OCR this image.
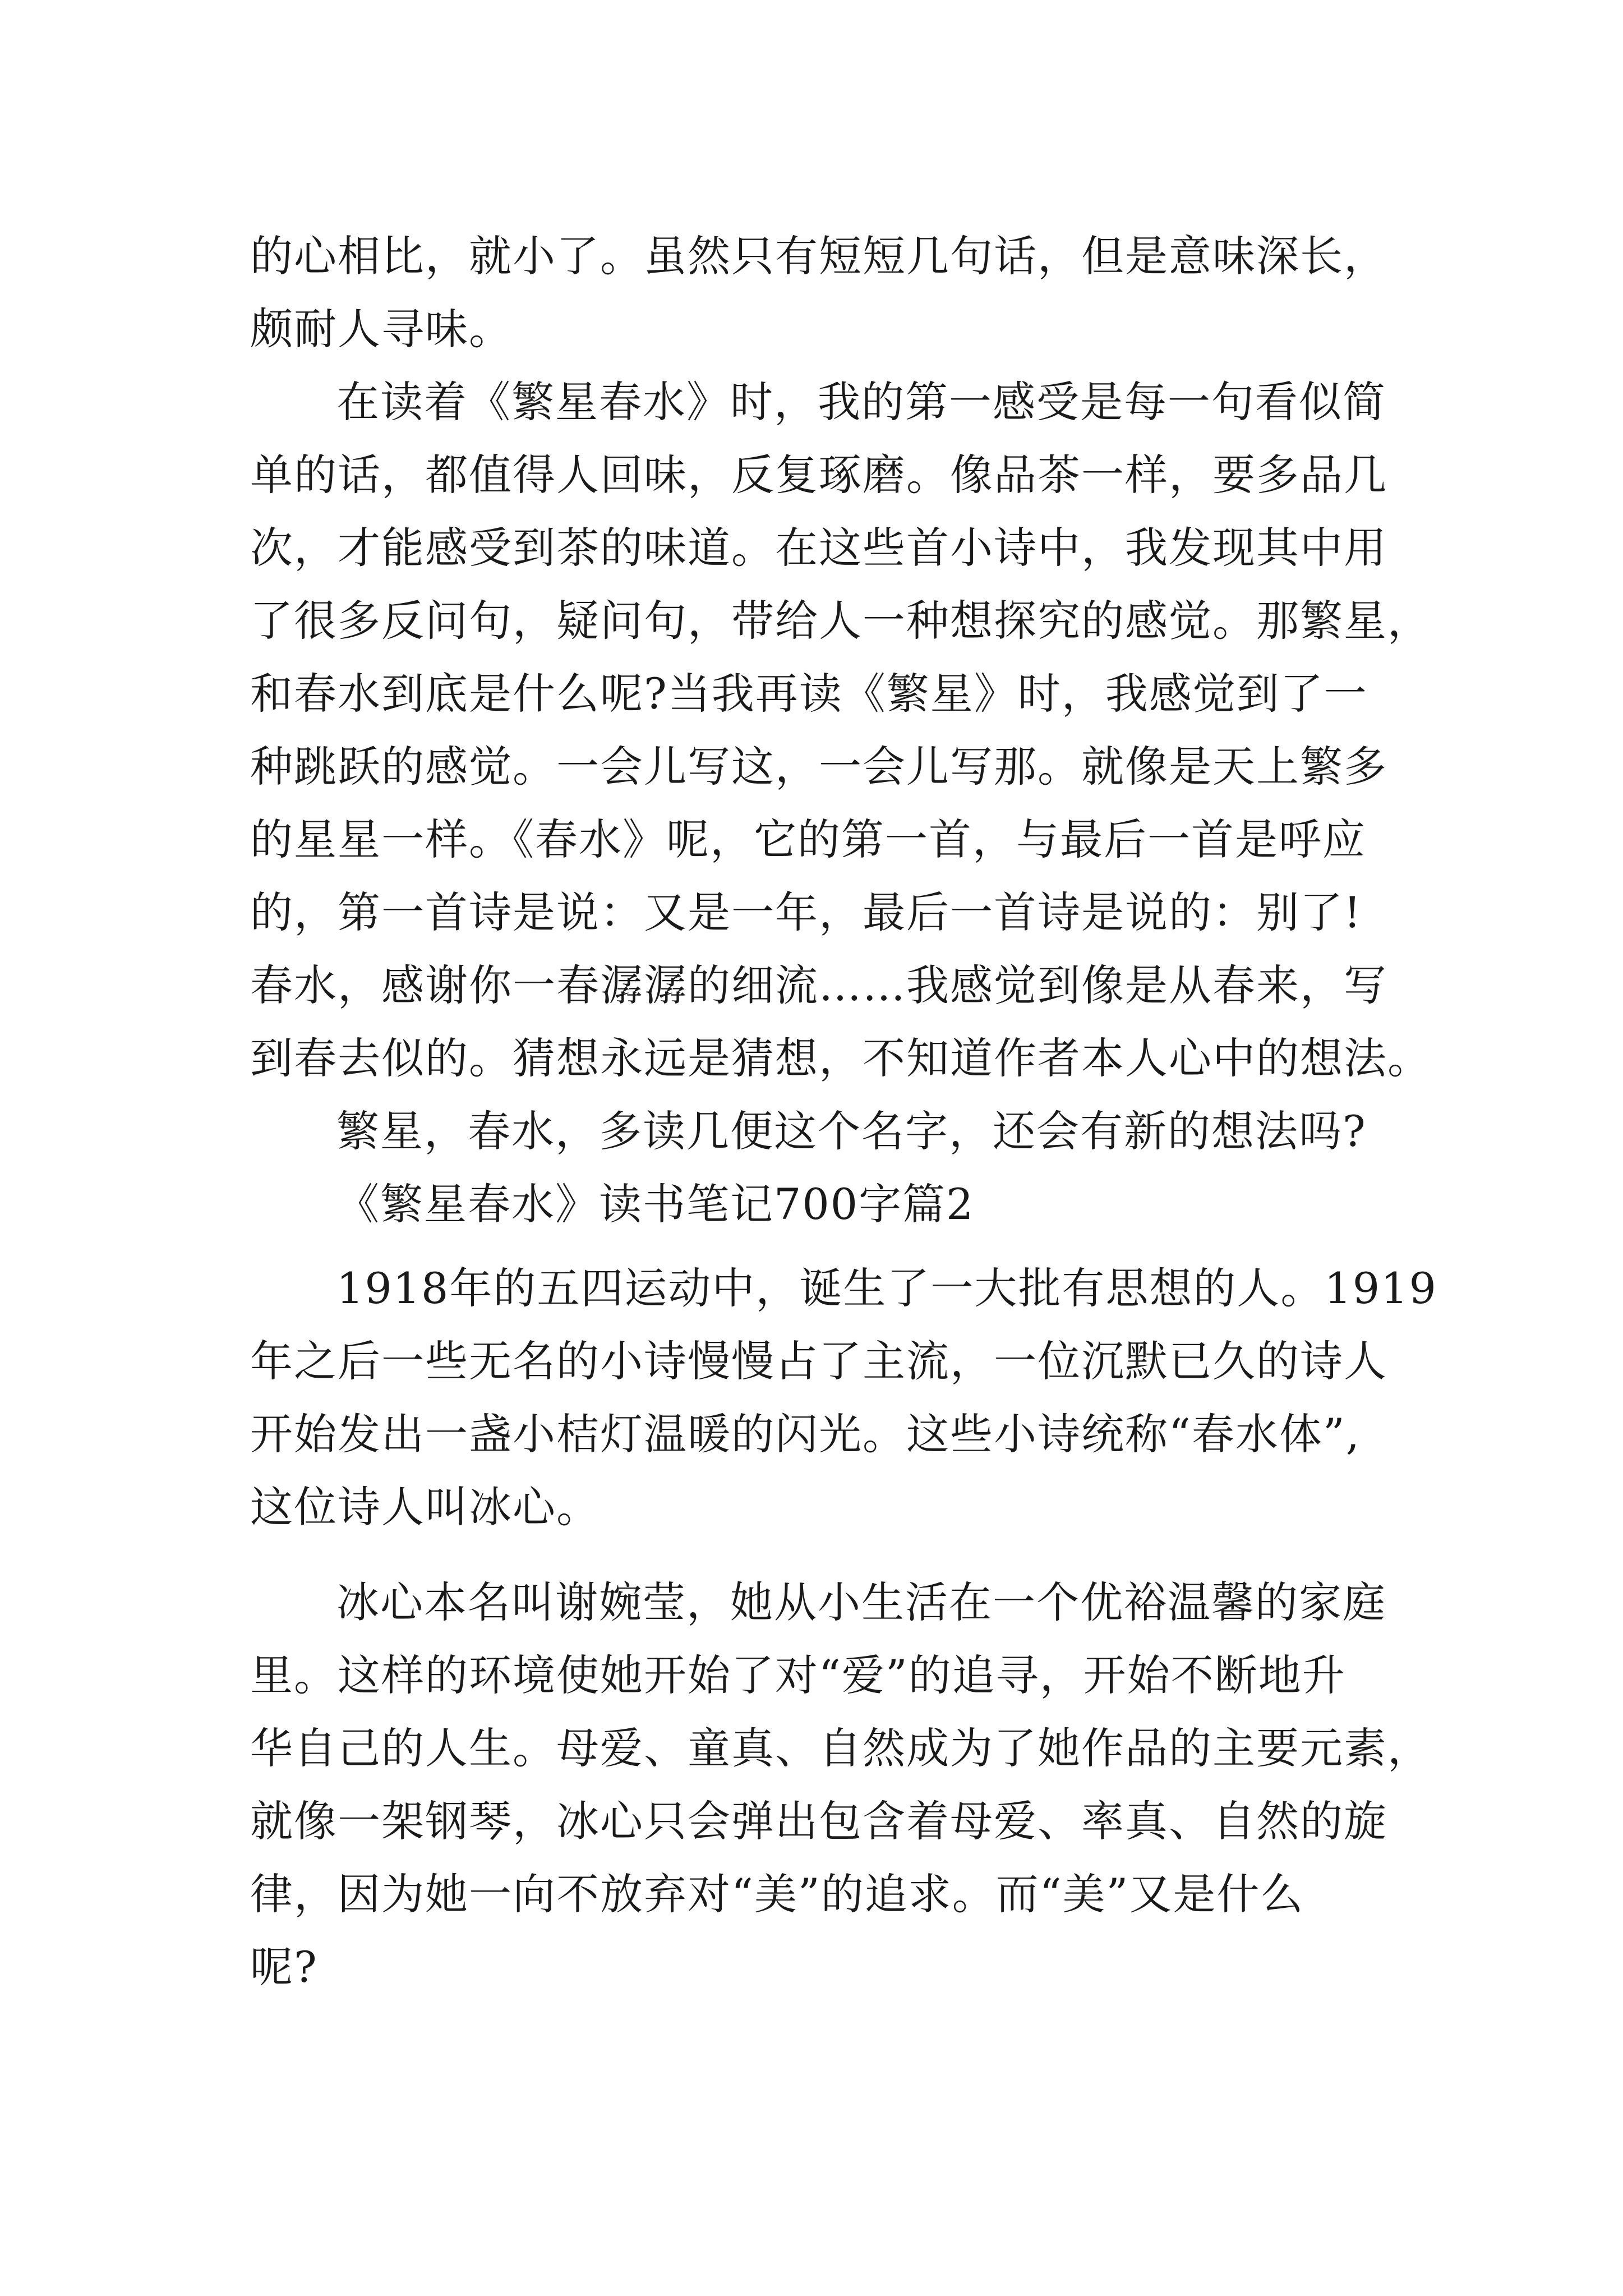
的心相比，就小了。虽然只有短短几句话，但是意味深长，
颇耐人寻味。
在读着《繁星春水》时，我的第一感受是每一句看似简
单的话，都值得人回味，反复琢磨。像品茶一样，要多品几
次，才能感受到茶的味道。在这些首小诗中，我发现其中用
了很多反问句，疑问句，带给人一种想探究的感觉。那繁星，
和春水到底是什么呢?当我再读《繁星》时，我感觉到了一
种跳跃的感觉。一会儿写这，一会儿写那。就像是天上繁多
的星星一样。《春水》呢，它的第一首，与最后一首是呼应
的，第一首诗是说：又是一年，最后一首诗是说的：别了!
春水，感谢你一春潺潺的细流……我感觉到像是从春来，写
到春去似的。猜想永远是猜想，不知道作者本人心中的想法。
繁星，春水，多读几便这个名字，还会有新的想法吗?
《繁星春水》读书笔记700字篇2
1918年的五四运动中，诞生了一大批有思想的人。1919
年之后一些无名的小诗慢慢占了主流，一位沉默已久的诗人
开始发出一盏小桔灯温暖的闪光。这些小诗统称“春水体”,
这位诗人叫冰心。
冰心本名叫谢婉莹，她从小生活在一个优裕温馨的家庭
里。这样的环境使她开始了对“爱”的追寻，开始不断地升
华自己的人生。母爱、童真、自然成为了她作品的主要元素，
就像一架钢琴，冰心只会弹出包含着母爱、率真、自然的旋
律，因为她一向不放弃对“美”的追求。而“美”又是什么
呢?
